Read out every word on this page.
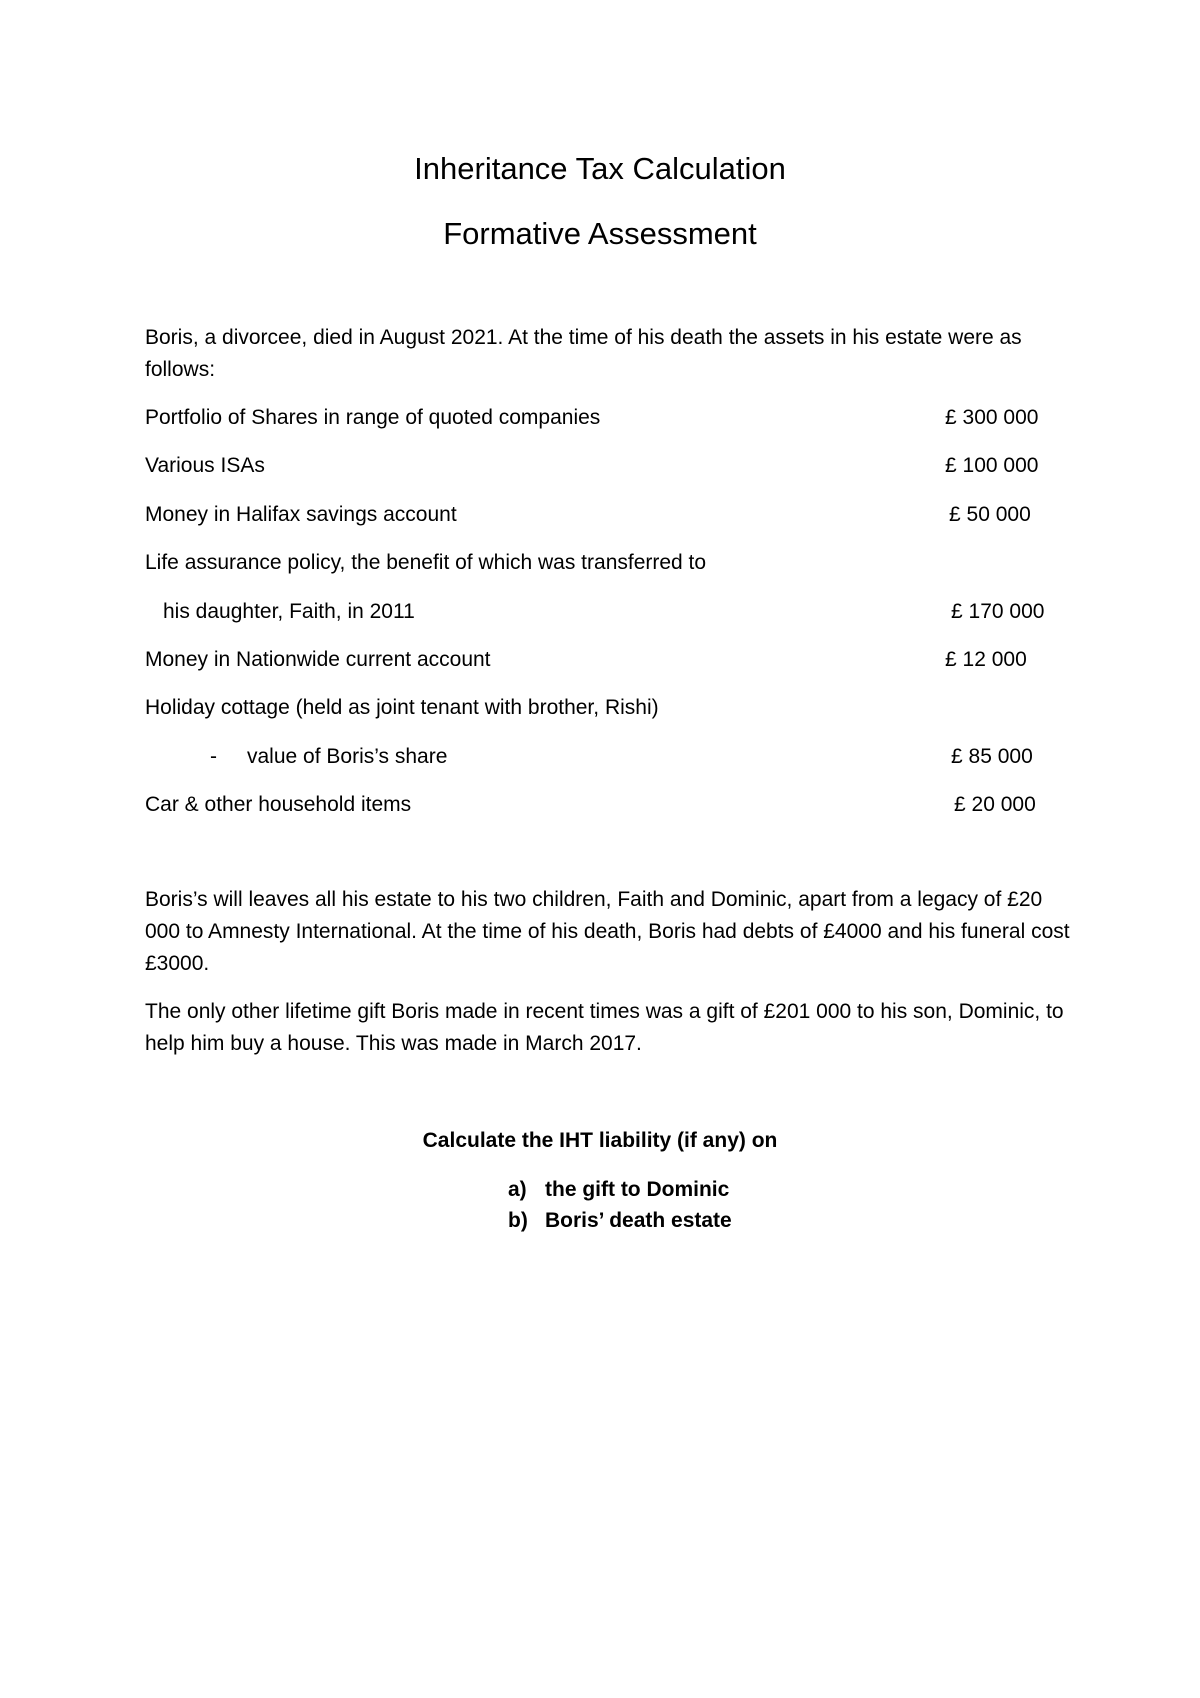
Inheritance Tax Calculation
Formative Assessment
Boris, a divorcee, died in August 2021. At the time of his death the assets in his estate were as follows:
Portfolio of Shares in range of quoted companies	£ 300 000
Various ISAs	£ 100 000
Money in Halifax savings account	£ 50 000
Life assurance policy, the benefit of which was transferred to
his daughter, Faith, in 2011	£ 170 000
Money in Nationwide current account	£ 12 000
Holiday cottage (held as joint tenant with brother, Rishi)
- value of Boris’s share	£ 85 000
Car & other household items	£ 20 000
Boris’s will leaves all his estate to his two children, Faith and Dominic, apart from a legacy of £20 000 to Amnesty International. At the time of his death, Boris had debts of £4000 and his funeral cost £3000.
The only other lifetime gift Boris made in recent times was a gift of £201 000 to his son, Dominic, to help him buy a house. This was made in March 2017.
Calculate the IHT liability (if any) on
a) the gift to Dominic
b) Boris’ death estate
